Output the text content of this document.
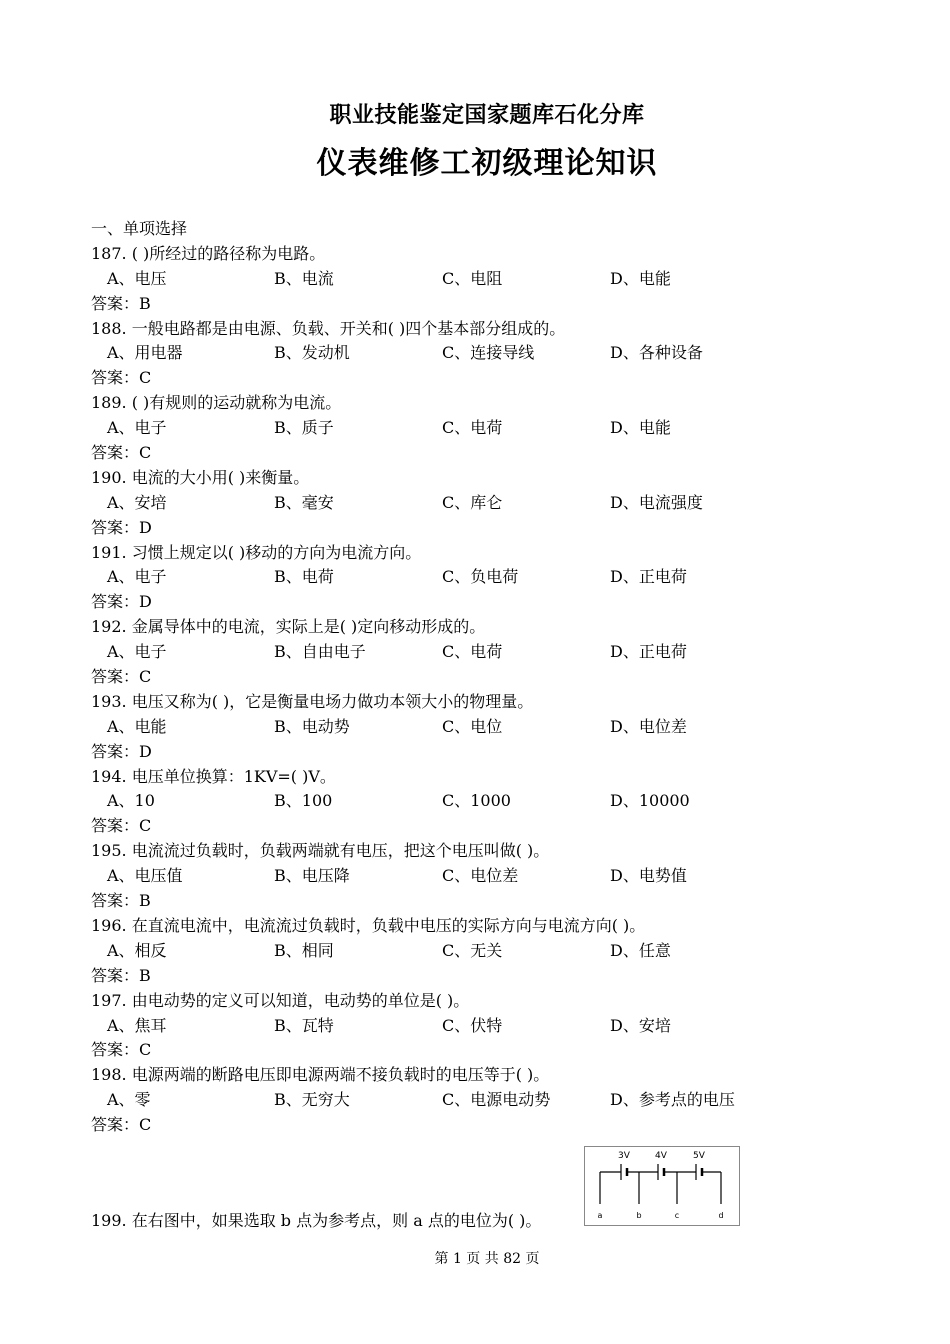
职业技能鉴定国家题库石化分库
仪表维修工初级理论知识
一、单项选择
187. ( )所经过的路径称为电路。
A、电压	B、电流	C、电阻	D、电能
答案：B
188. 一般电路都是由电源、负载、开关和( )四个基本部分组成的。
A、用电器	B、发动机	C、连接导线	D、各种设备
答案：C
189. ( )有规则的运动就称为电流。
A、电子	B、质子	C、电荷	D、电能
答案：C
190. 电流的大小用( )来衡量。
A、安培	B、毫安	C、库仑	D、电流强度
答案：D
191. 习惯上规定以( )移动的方向为电流方向。
A、电子	B、电荷	C、负电荷	D、正电荷
答案：D
192. 金属导体中的电流，实际上是( )定向移动形成的。
A、电子	B、自由电子	C、电荷	D、正电荷
答案：C
193. 电压又称为( )，它是衡量电场力做功本领大小的物理量。
A、电能	B、电动势	C、电位	D、电位差
答案：D
194. 电压单位换算：1KV=( )V。
A、10	B、100	C、1000	D、10000
答案：C
195. 电流流过负载时，负载两端就有电压，把这个电压叫做( )。
A、电压值	B、电压降	C、电位差	D、电势值
答案：B
196. 在直流电流中，电流流过负载时，负载中电压的实际方向与电流方向( )。
A、相反	B、相同	C、无关	D、任意
答案：B
197. 由电动势的定义可以知道，电动势的单位是( )。
A、焦耳	B、瓦特	C、伏特	D、安培
答案：C
198. 电源两端的断路电压即电源两端不接负载时的电压等于( )。
A、零	B、无穷大	C、电源电动势	D、参考点的电压
答案：C
199. 在右图中，如果选取 b 点为参考点，则 a 点的电位为( )。
3V	4V	5V
a	b	c	d
第 1 页 共 82 页
